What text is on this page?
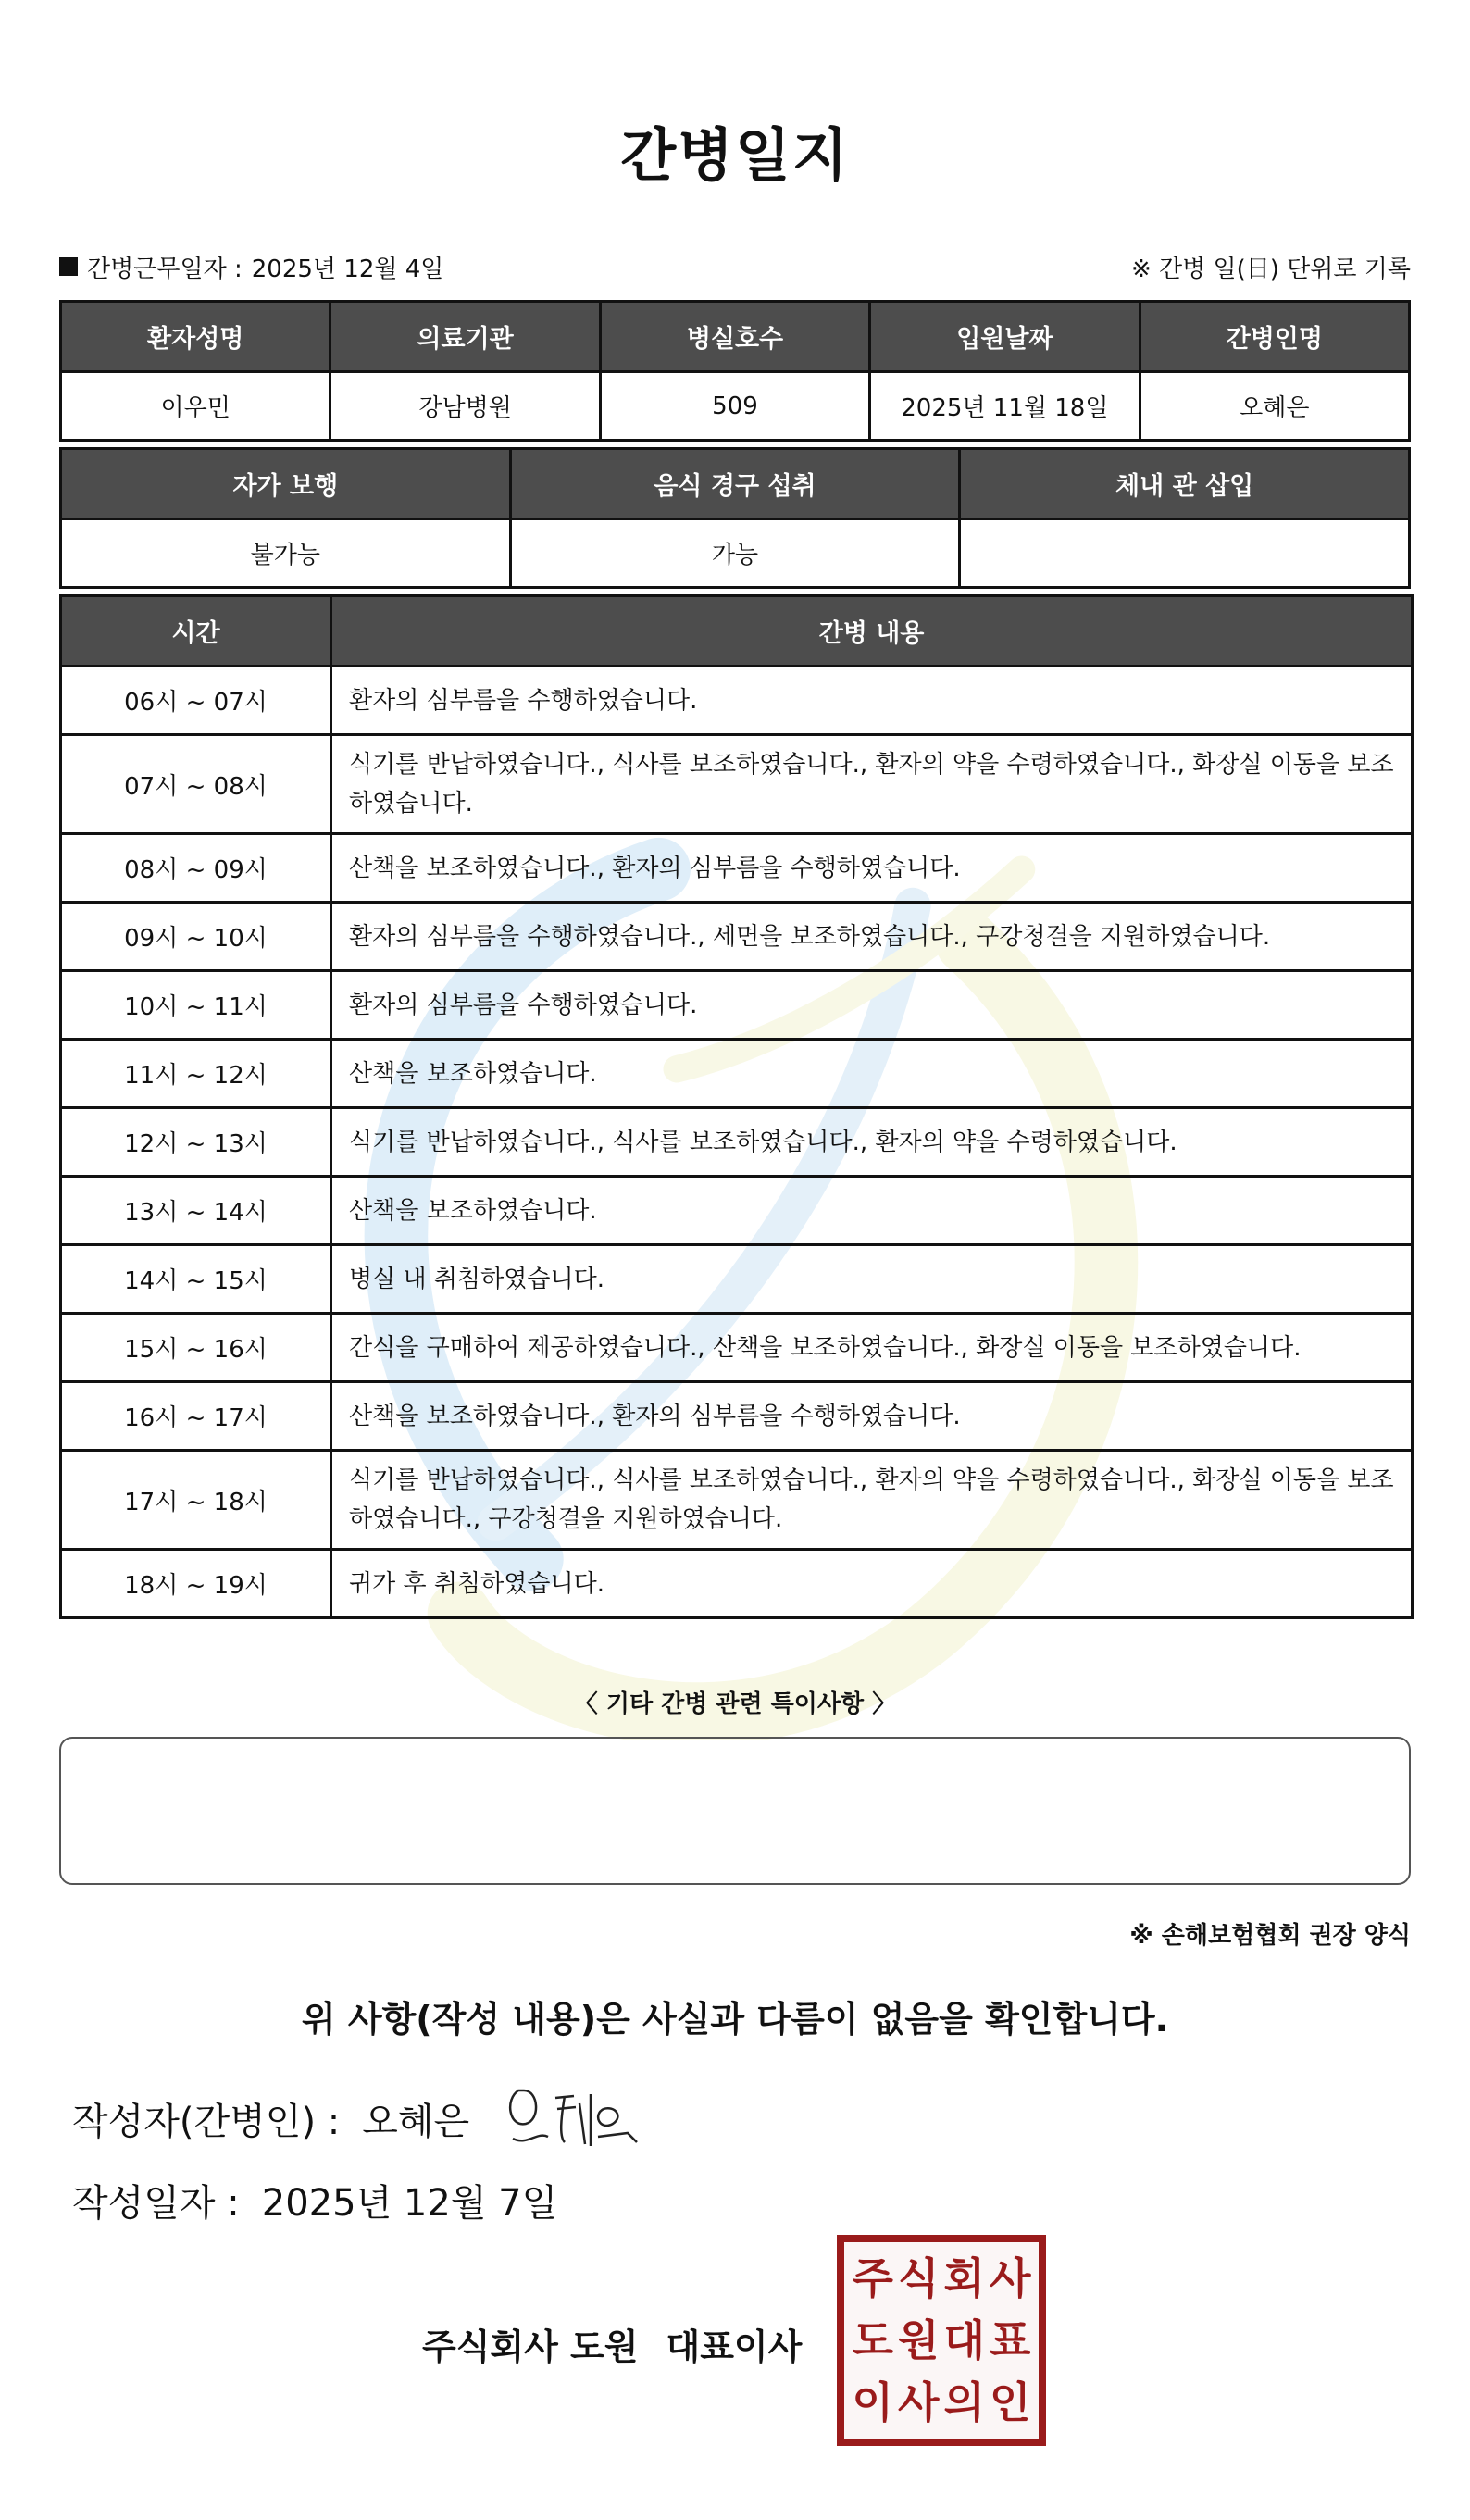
간병일지
간병근무일자 : 2025년 12월 4일	※ 간병 일(日) 단위로 기록
환자성명	의료기관	병실호수	입원날짜	간병인명
이우민	강남병원	509	2025년 11월 18일	오혜은
자가 보행	음식 경구 섭취	체내 관 삽입
불가능	가능	
시간	간병 내용
06시 ~ 07시	환자의 심부름을 수행하였습니다.
07시 ~ 08시	식기를 반납하였습니다., 식사를 보조하였습니다., 환자의 약을 수령하였습니다., 화장실 이동을 보조하였습니다.
08시 ~ 09시	산책을 보조하였습니다., 환자의 심부름을 수행하였습니다.
09시 ~ 10시	환자의 심부름을 수행하였습니다., 세면을 보조하였습니다., 구강청결을 지원하였습니다.
10시 ~ 11시	환자의 심부름을 수행하였습니다.
11시 ~ 12시	산책을 보조하였습니다.
12시 ~ 13시	식기를 반납하였습니다., 식사를 보조하였습니다., 환자의 약을 수령하였습니다.
13시 ~ 14시	산책을 보조하였습니다.
14시 ~ 15시	병실 내 취침하였습니다.
15시 ~ 16시	간식을 구매하여 제공하였습니다., 산책을 보조하였습니다., 화장실 이동을 보조하였습니다.
16시 ~ 17시	산책을 보조하였습니다., 환자의 심부름을 수행하였습니다.
17시 ~ 18시	식기를 반납하였습니다., 식사를 보조하였습니다., 환자의 약을 수령하였습니다., 화장실 이동을 보조하였습니다., 구강청결을 지원하였습니다.
18시 ~ 19시	귀가 후 취침하였습니다.
〈 기타 간병 관련 특이사항 〉
※ 손해보험협회 권장 양식
위 사항(작성 내용)은 사실과 다름이 없음을 확인합니다.
작성자(간병인) : 오혜은
작성일자 : 2025년 12월 7일
주식회사 도원 대표이사
주 식 회 사
도 원 대 표
이 사 의 인
